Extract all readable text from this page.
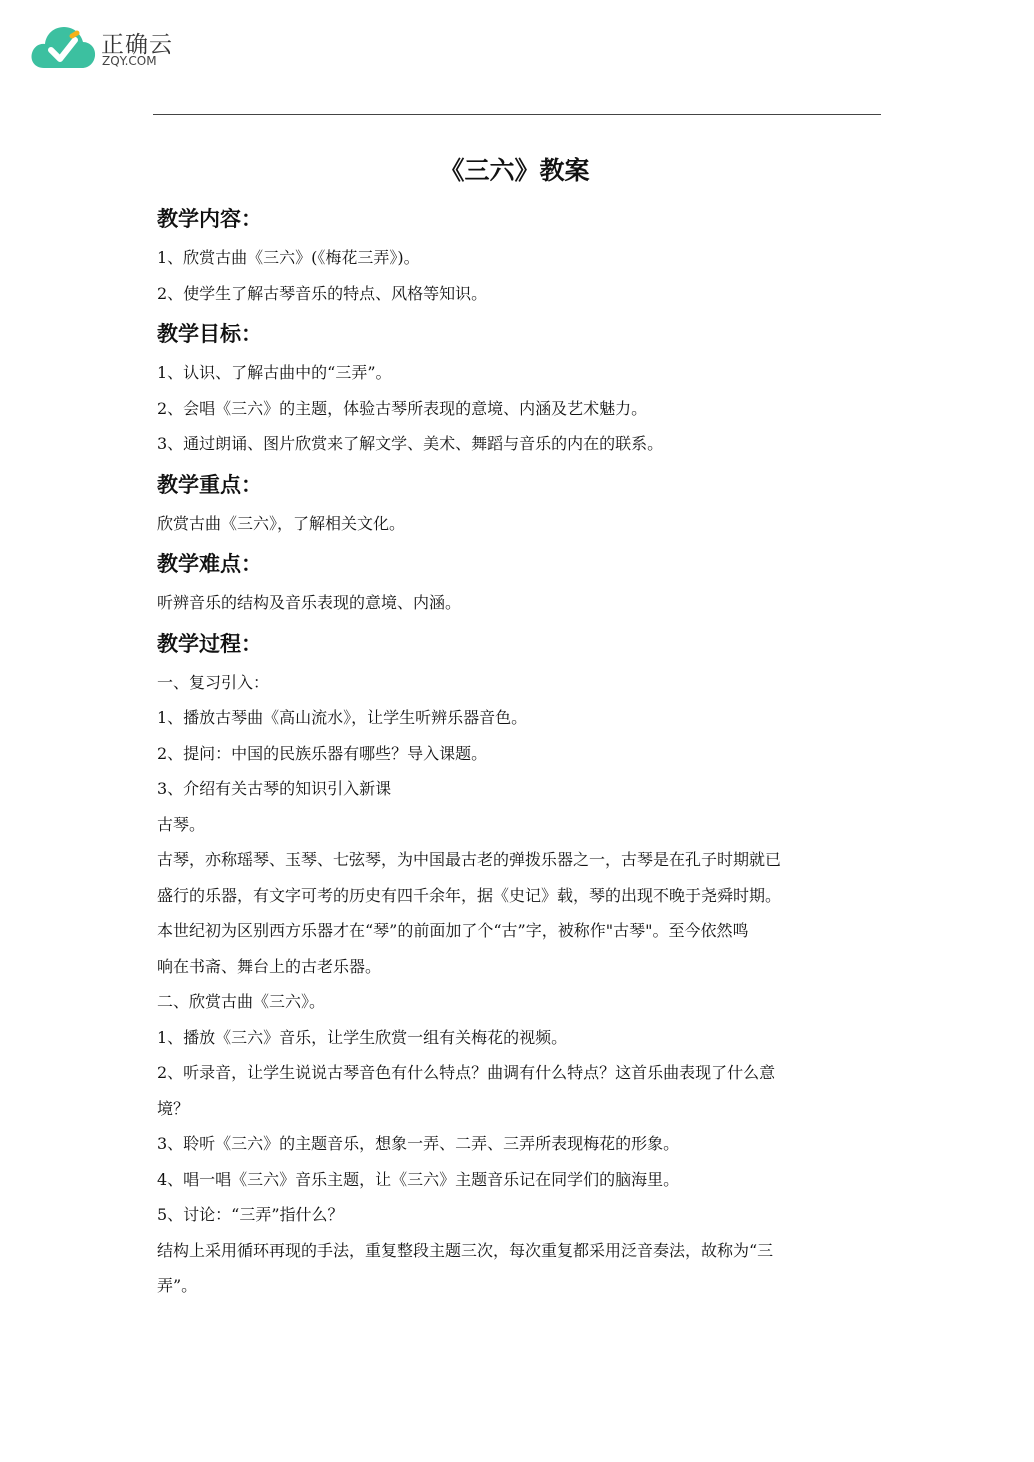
正确云
ZQY.COM
《三六》教案
教学内容：

1、欣赏古曲《三六》(《梅花三弄》)。

2、使学生了解古琴音乐的特点、风格等知识。

教学目标：

1、认识、了解古曲中的“三弄”。

2、会唱《三六》的主题，体验古琴所表现的意境、内涵及艺术魅力。

3、通过朗诵、图片欣赏来了解文学、美术、舞蹈与音乐的内在的联系。

教学重点：

欣赏古曲《三六》，了解相关文化。

教学难点：

听辨音乐的结构及音乐表现的意境、内涵。

教学过程：

一、复习引入：

1、播放古琴曲《高山流水》，让学生听辨乐器音色。

2、提问：中国的民族乐器有哪些？导入课题。

3、介绍有关古琴的知识引入新课

古琴。

古琴，亦称瑶琴、玉琴、七弦琴，为中国最古老的弹拨乐器之一，古琴是在孔子时期就已

盛行的乐器，有文字可考的历史有四千余年，据《史记》载，琴的出现不晚于尧舜时期。

本世纪初为区别西方乐器才在“琴”的前面加了个“古”字，被称作"古琴"。至今依然鸣

响在书斋、舞台上的古老乐器。

二、欣赏古曲《三六》。

1、播放《三六》音乐，让学生欣赏一组有关梅花的视频。

2、听录音，让学生说说古琴音色有什么特点？曲调有什么特点？这首乐曲表现了什么意

境？

3、聆听《三六》的主题音乐，想象一弄、二弄、三弄所表现梅花的形象。

4、唱一唱《三六》音乐主题，让《三六》主题音乐记在同学们的脑海里。

5、讨论：“三弄”指什么？

结构上采用循环再现的手法，重复整段主题三次，每次重复都采用泛音奏法，故称为“三

弄”。
